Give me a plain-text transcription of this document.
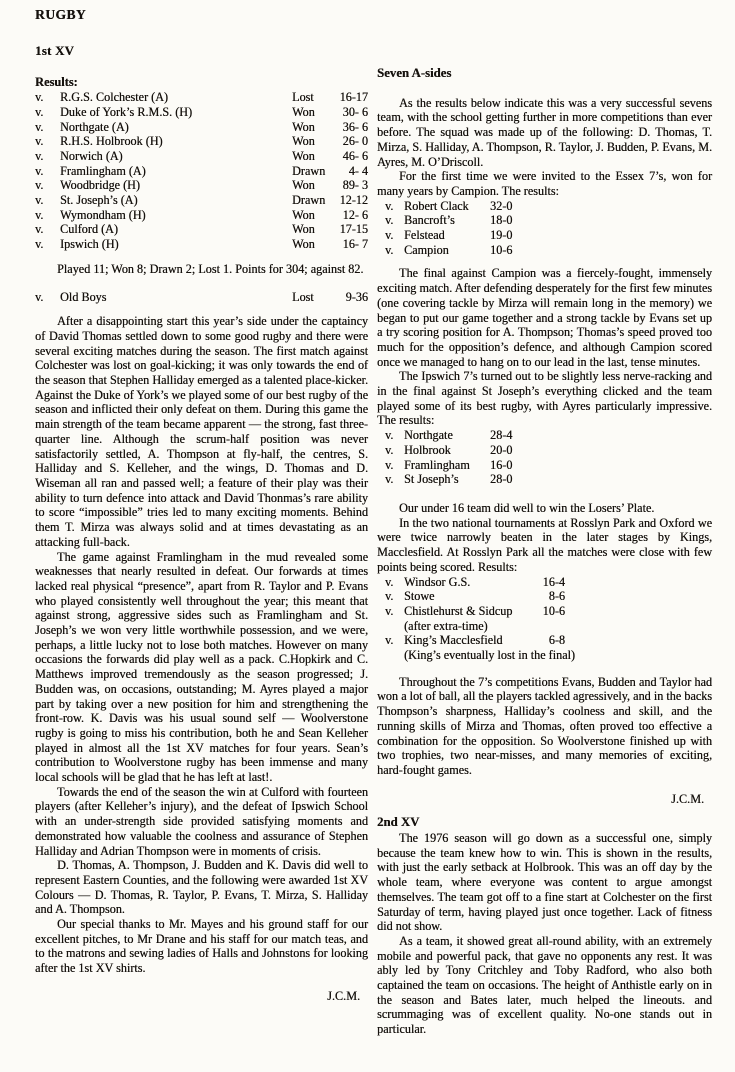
RUGBY
1st XV
Results:
v.	R.G.S. Colchester (A)	Lost	16-17
v.	Duke of York’s R.M.S. (H)	Won	30- 6
v.	Northgate (A)	Won	36- 6
v.	R.H.S. Holbrook (H)	Won	26- 0
v.	Norwich (A)	Won	46- 6
v.	Framlingham (A)	Drawn	4- 4
v.	Woodbridge (H)	Won	89- 3
v.	St. Joseph’s (A)	Drawn	12-12
v.	Wymondham (H)	Won	12- 6
v.	Culford (A)	Won	17-15
v.	Ipswich (H)	Won	16- 7

Played 11; Won 8; Drawn 2; Lost 1. Points for 304; against 82.

v.	Old Boys	Lost	9-36

After a disappointing start this year’s side under the captaincy of David Thomas settled down to some good rugby and there were several exciting matches during the season. The first match against Colchester was lost on goal-kicking; it was only towards the end of the season that Stephen Halliday emerged as a talented place-kicker. Against the Duke of York’s we played some of our best rugby of the season and inflicted their only defeat on them. During this game the main strength of the team became apparent — the strong, fast three-quarter line. Although the scrum-half position was never satisfactorily settled, A. Thompson at fly-half, the centres, S. Halliday and S. Kelleher, and the wings, D. Thomas and D. Wiseman all ran and passed well; a feature of their play was their ability to turn defence into attack and David Thonmas’s rare ability to score “impossible” tries led to many exciting moments. Behind them T. Mirza was always solid and at times devastating as an attacking full-back.

The game against Framlingham in the mud revealed some weaknesses that nearly resulted in defeat. Our forwards at times lacked real physical “presence”, apart from R. Taylor and P. Evans who played consistently well throughout the year; this meant that against strong, aggressive sides such as Framlingham and St. Joseph’s we won very little worthwhile possession, and we were, perhaps, a little lucky not to lose both matches. However on many occasions the forwards did play well as a pack. C.Hopkirk and C. Matthews improved tremendously as the season progressed; J. Budden was, on occasions, outstanding; M. Ayres played a major part by taking over a new position for him and strengthening the front-row. K. Davis was his usual sound self — Woolverstone rugby is going to miss his contribution, both he and Sean Kelleher played in almost all the 1st XV matches for four years. Sean’s contribution to Woolverstone rugby has been immense and many local schools will be glad that he has left at last!.

Towards the end of the season the win at Culford with fourteen players (after Kelleher’s injury), and the defeat of Ipswich School with an under-strength side provided satisfying moments and demonstrated how valuable the coolness and assurance of Stephen Halliday and Adrian Thompson were in moments of crisis.

D. Thomas, A. Thompson, J. Budden and K. Davis did well to represent Eastern Counties, and the following were awarded 1st XV Colours — D. Thomas, R. Taylor, P. Evans, T. Mirza, S. Halliday and A. Thompson.

Our special thanks to Mr. Mayes and his ground staff for our excellent pitches, to Mr Drane and his staff for our match teas, and to the matrons and sewing ladies of Halls and Johnstons for looking after the 1st XV shirts.

J.C.M.
Seven A-sides

As the results below indicate this was a very successful sevens team, with the school getting further in more competitions than ever before. The squad was made up of the following: D. Thomas, T. Mirza, S. Halliday, A. Thompson, R. Taylor, J. Budden, P. Evans, M. Ayres, M. O’Driscoll.

For the first time we were invited to the Essex 7’s, won for many years by Campion. The results:

v. Robert Clack	32-0
v. Bancroft’s	18-0
v. Felstead	19-0
v. Campion	10-6

The final against Campion was a fiercely-fought, immensely exciting match. After defending desperately for the first few minutes (one covering tackle by Mirza will remain long in the memory) we began to put our game together and a strong tackle by Evans set up a try scoring position for A. Thompson; Thomas’s speed proved too much for the opposition’s defence, and although Campion scored once we managed to hang on to our lead in the last, tense minutes.

The Ipswich 7’s turned out to be slightly less nerve-racking and in the final against St Joseph’s everything clicked and the team played some of its best rugby, with Ayres particularly impressive. The results:

v. Northgate	28-4
v. Holbrook	20-0
v. Framlingham	16-0
v. St Joseph’s	28-0

Our under 16 team did well to win the Losers’ Plate.

In the two national tournaments at Rosslyn Park and Oxford we were twice narrowly beaten in the later stages by Kings, Macclesfield. At Rosslyn Park all the matches were close with few points being scored. Results:

v. Windsor G.S.	16-4
v. Stowe	8-6
v. Chistlehurst & Sidcup	10-6
(after extra-time)
v. King’s Macclesfield	6-8
(King’s eventually lost in the final)

Throughout the 7’s competitions Evans, Budden and Taylor had won a lot of ball, all the players tackled agressively, and in the backs Thompson’s sharpness, Halliday’s coolness and skill, and the running skills of Mirza and Thomas, often proved too effective a combination for the opposition. So Woolverstone finished up with two trophies, two near-misses, and many memories of exciting, hard-fought games.

J.C.M.
2nd XV

The 1976 season will go down as a successful one, simply because the team knew how to win. This is shown in the results, with just the early setback at Holbrook. This was an off day by the whole team, where everyone was content to argue amongst themselves. The team got off to a fine start at Colchester on the first Saturday of term, having played just once together. Lack of fitness did not show.

As a team, it showed great all-round ability, with an extremely mobile and powerful pack, that gave no opponents any rest. It was ably led by Tony Critchley and Toby Radford, who also both captained the team on occasions. The height of Anthistle early on in the season and Bates later, much helped the lineouts. and scrummaging was of excellent quality. No-one stands out in particular.
